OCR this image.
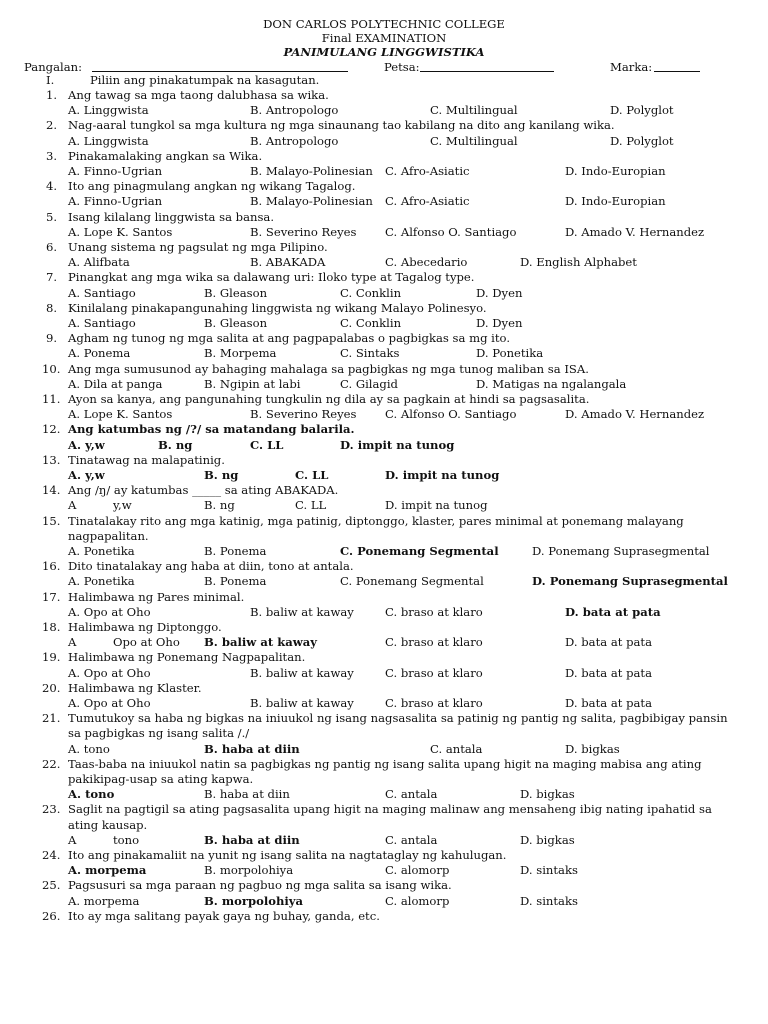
DON CARLOS POLYTECHNIC COLLEGE
Final EXAMINATION
PANIMULANG LINGGWISTIKA
Pangalan:	Petsa:	Marka:
I.	Piliin ang pinakatumpak na kasagutan.
1. Ang tawag sa mga taong dalubhasa sa wika.
A. Linggwista	B. Antropologo	C. Multilingual	D. Polyglot
2. Nag-aaral tungkol sa mga kultura ng mga sinaunang tao kabilang na dito ang kanilang wika.
A. Linggwista	B. Antropologo	C. Multilingual	D. Polyglot
3. Pinakamalaking angkan sa Wika.
A. Finno-Ugrian	B. Malayo-Polinesian C. Afro-Asiatic	D. Indo-Europian
4. Ito ang pinagmulang angkan ng wikang Tagalog.
A. Finno-Ugrian	B. Malayo-Polinesian C. Afro-Asiatic	D. Indo-Europian
5. Isang kilalang linggwista sa bansa.
A. Lope K. Santos	B. Severino Reyes C. Alfonso O. Santiago	D. Amado V. Hernandez
6. Unang sistema ng pagsulat ng mga Pilipino.
A. Alifbata	B. ABAKADA	C. Abecedario	D. English Alphabet
7. Pinangkat ang mga wika sa dalawang uri: Iloko type at Tagalog type.
A. Santiago	B. Gleason	C. Conklin	D. Dyen
8. Kinilalang pinakapangunahing linggwista ng wikang Malayo Polinesyo.
A. Santiago	B. Gleason	C. Conklin	D. Dyen
9. Agham ng tunog ng mga salita at ang pagpapalabas o pagbigkas sa mg ito.
A. Ponema	B. Morpema	C. Sintaks	D. Ponetika
10. Ang mga sumusunod ay bahaging mahalaga sa pagbigkas ng mga tunog maliban sa ISA.
A. Dila at panga	B. Ngipin at labi	C. Gilagid	D. Matigas na ngalangala
11. Ayon sa kanya, ang pangunahing tungkulin ng dila ay sa pagkain at hindi sa pagsasalita.
A. Lope K. Santos	B. Severino Reyes C. Alfonso O. Santiago	D. Amado V. Hernandez
12. Ang katumbas ng /?/ sa matandang balarila.
A. y,w	B. ng	C. LL	D. impit na tunog
13. Tinatawag na malapatinig.
A. y,w	B. ng	C. LL	D. impit na tunog
14. Ang /ŋ/ ay katumbas _____ sa ating ABAKADA.
A	y,w	B. ng	C. LL	D. impit na tunog
15. Tinatalakay rito ang mga katinig, mga patinig, diptonggo, klaster, pares minimal at ponemang malayang
nagpapalitan.
A. Ponetika	B. Ponema	C. Ponemang Segmental	D. Ponemang Suprasegmental
16. Dito tinatalakay ang haba at diin, tono at antala.
A. Ponetika	B. Ponema	C. Ponemang Segmental	D. Ponemang Suprasegmental
17. Halimbawa ng Pares minimal.
A. Opo at Oho	B. baliw at kaway	C. braso at klaro	D. bata at pata
18. Halimbawa ng Diptonggo.
A	Opo at Oho B. baliw at kaway	C. braso at klaro	D. bata at pata
19. Halimbawa ng Ponemang Nagpapalitan.
A. Opo at Oho	B. baliw at kaway	C. braso at klaro	D. bata at pata
20. Halimbawa ng Klaster.
A. Opo at Oho	B. baliw at kaway	C. braso at klaro	D. bata at pata
21. Tumutukoy sa haba ng bigkas na iniuukol ng isang nagsasalita sa patinig ng pantig ng salita, pagbibigay pansin
sa pagbigkas ng isang salita /./
A. tono	B. haba at diin	C. antala	D. bigkas
22. Taas-baba na iniuukol natin sa pagbigkas ng pantig ng isang salita upang higit na maging mabisa ang ating
pakikipag-usap sa ating kapwa.
A. tono	B. haba at diin	C. antala	D. bigkas
23. Saglit na pagtigil sa ating pagsasalita upang higit na maging malinaw ang mensaheng ibig nating ipahatid sa
ating kausap.
A	tono	B. haba at diin	C. antala	D. bigkas
24. Ito ang pinakamaliit na yunit ng isang salita na nagtataglay ng kahulugan.
A. morpema	B. morpolohiya	C. alomorp	D. sintaks
25. Pagsusuri sa mga paraan ng pagbuo ng mga salita sa isang wika.
A. morpema	B. morpolohiya	C. alomorp	D. sintaks
26. Ito ay mga salitang payak gaya ng buhay, ganda, etc.
